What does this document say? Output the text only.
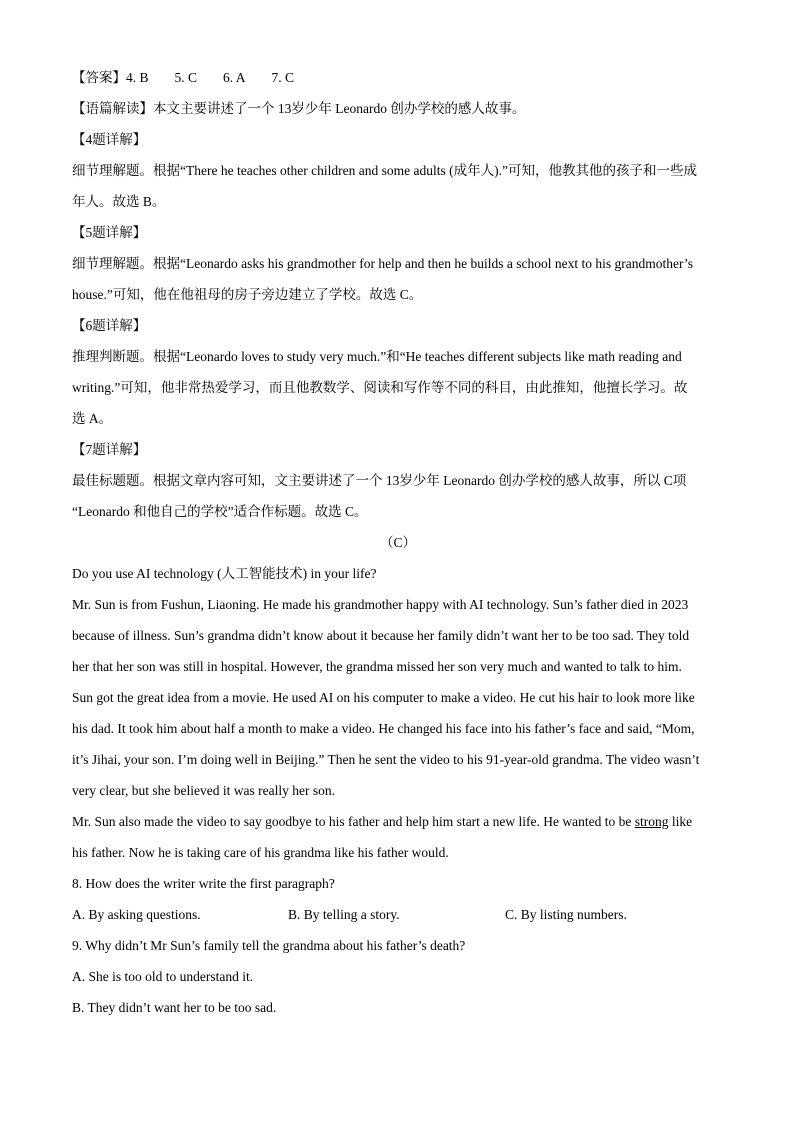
【答案】4. B 5. C 6. A 7. C
【语篇解读】本文主要讲述了一个 13岁少年 Leonardo 创办学校的感人故事。
【4题详解】
细节理解题。根据“There he teaches other children and some adults (成年人).”可知，他教其他的孩子和一些成
年人。故选 B。
【5题详解】
细节理解题。根据“Leonardo asks his grandmother for help and then he builds a school next to his grandmother’s
house.”可知，他在他祖母的房子旁边建立了学校。故选 C。
【6题详解】
推理判断题。根据“Leonardo loves to study very much.”和“He teaches different subjects like math reading and
writing.”可知，他非常热爱学习，而且他教数学、阅读和写作等不同的科目，由此推知，他擅长学习。故
选 A。
【7题详解】
最佳标题题。根据文章内容可知，文主要讲述了一个 13岁少年 Leonardo 创办学校的感人故事，所以 C项
“Leonardo 和他自己的学校”适合作标题。故选 C。
（C）
Do you use AI technology (人工智能技术) in your life?
Mr. Sun is from Fushun, Liaoning. He made his grandmother happy with AI technology. Sun’s father died in 2023
because of illness. Sun’s grandma didn’t know about it because her family didn’t want her to be too sad. They told
her that her son was still in hospital. However, the grandma missed her son very much and wanted to talk to him.
Sun got the great idea from a movie. He used AI on his computer to make a video. He cut his hair to look more like
his dad. It took him about half a month to make a video. He changed his face into his father’s face and said, “Mom,
it’s Jihai, your son. I’m doing well in Beijing.” Then he sent the video to his 91-year-old grandma. The video wasn’t
very clear, but she believed it was really her son.
Mr. Sun also made the video to say goodbye to his father and help him start a new life. He wanted to be strong like
his father. Now he is taking care of his grandma like his father would.
8. How does the writer write the first paragraph?
A. By asking questions.	B. By telling a story.	C. By listing numbers.
9. Why didn’t Mr Sun’s family tell the grandma about his father’s death?
A. She is too old to understand it.
B. They didn’t want her to be too sad.
